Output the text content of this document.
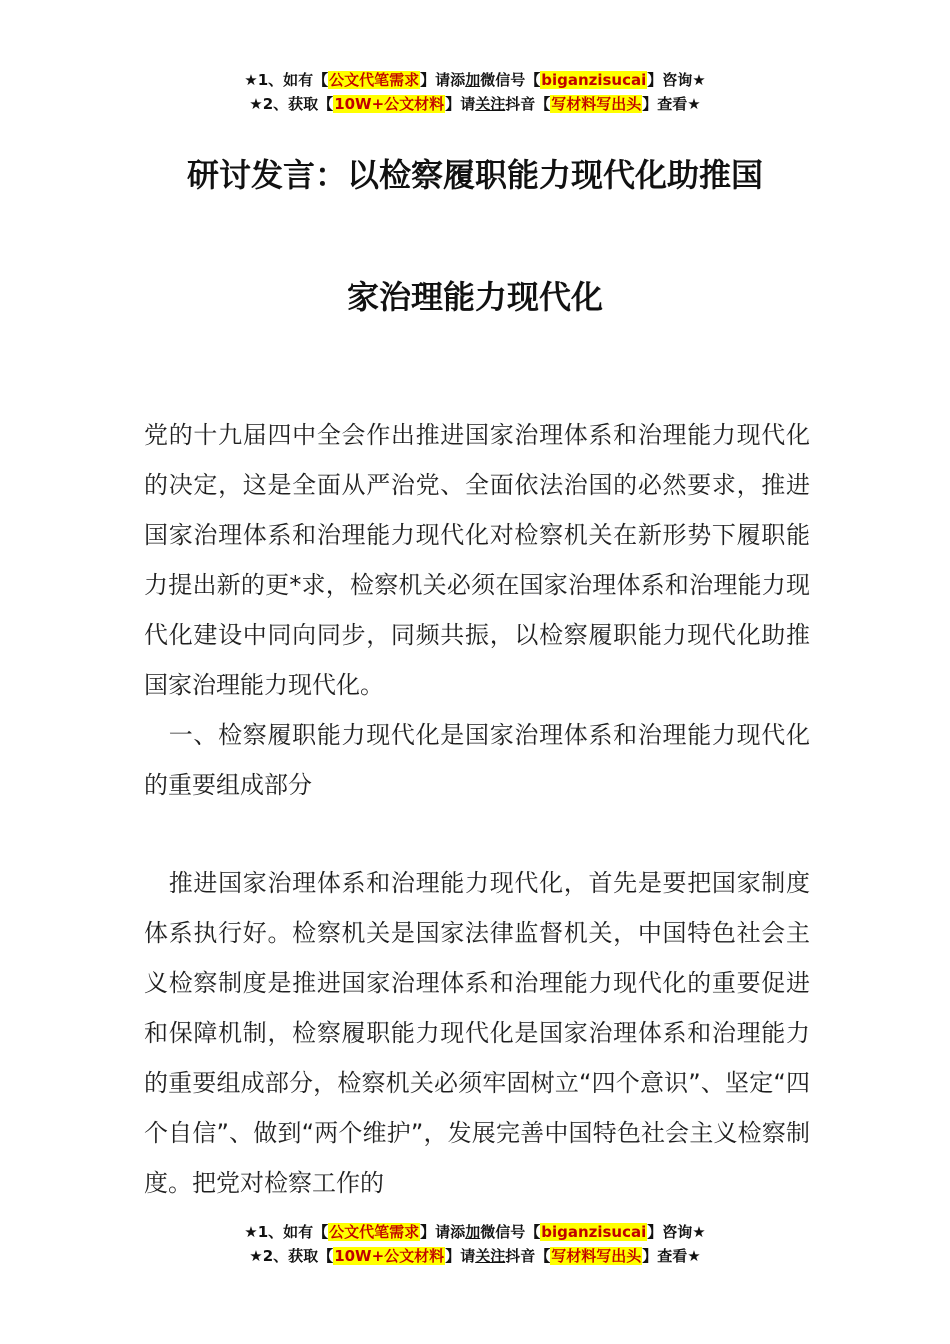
★1、如有【公文代笔需求】请添加微信号【biganzisucai】咨询★
★2、获取【10W+公文材料】请关注抖音【写材料写出头】查看★
研讨发言：以检察履职能力现代化助推国
家治理能力现代化

党的十九届四中全会作出推进国家治理体系和治理能力现代化的决定，这是全面从严治党、全面依法治国的必然要求，推进国家治理体系和治理能力现代化对检察机关在新形势下履职能力提出新的更*求，检察机关必须在国家治理体系和治理能力现代化建设中同向同步，同频共振，以检察履职能力现代化助推国家治理能力现代化。

　一、检察履职能力现代化是国家治理体系和治理能力现代化的重要组成部分

　推进国家治理体系和治理能力现代化，首先是要把国家制度体系执行好。检察机关是国家法律监督机关，中国特色社会主义检察制度是推进国家治理体系和治理能力现代化的重要促进和保障机制，检察履职能力现代化是国家治理体系和治理能力的重要组成部分，检察机关必须牢固树立“四个意识”、坚定“四个自信”、做到“两个维护”，发展完善中国特色社会主义检察制度。把党对检察工作的

★1、如有【公文代笔需求】请添加微信号【biganzisucai】咨询★
★2、获取【10W+公文材料】请关注抖音【写材料写出头】查看★
